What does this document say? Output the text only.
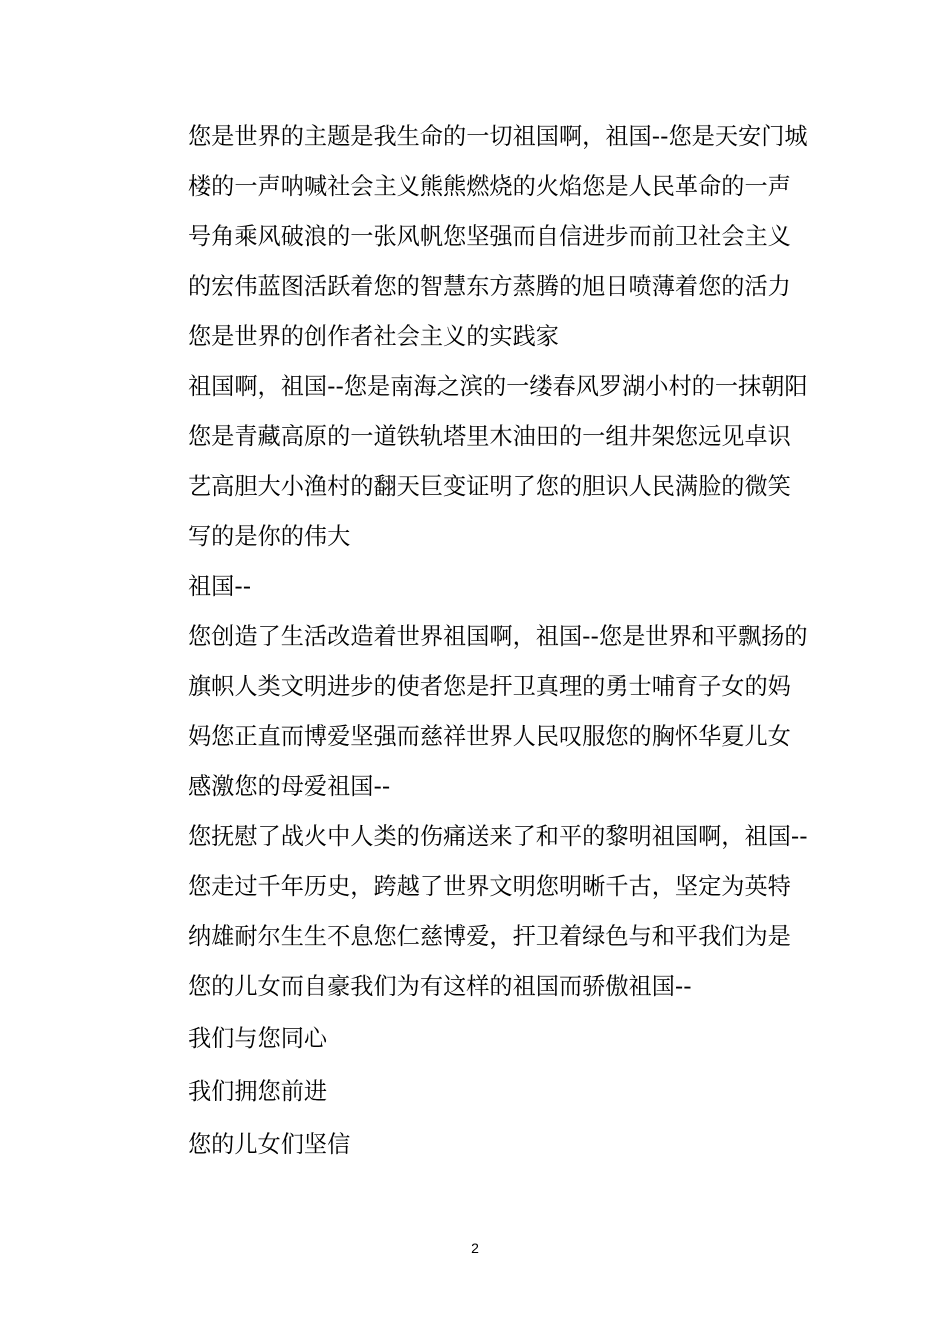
您是世界的主题是我生命的一切祖国啊，祖国--您是天安门城楼的一声呐喊社会主义熊熊燃烧的火焰您是人民革命的一声号角乘风破浪的一张风帆您坚强而自信进步而前卫社会主义的宏伟蓝图活跃着您的智慧东方蒸腾的旭日喷薄着您的活力您是世界的创作者社会主义的实践家

祖国啊，祖国--您是南海之滨的一缕春风罗湖小村的一抹朝阳您是青藏高原的一道铁轨塔里木油田的一组井架您远见卓识艺高胆大小渔村的翻天巨变证明了您的胆识人民满脸的微笑写的是你的伟大

祖国--

您创造了生活改造着世界祖国啊，祖国--您是世界和平飘扬的旗帜人类文明进步的使者您是扞卫真理的勇士哺育子女的妈妈您正直而博爱坚强而慈祥世界人民叹服您的胸怀华夏儿女感激您的母爱祖国--

您抚慰了战火中人类的伤痛送来了和平的黎明祖国啊，祖国--您走过千年历史，跨越了世界文明您明晰千古，坚定为英特纳雄耐尔生生不息您仁慈博爱，扞卫着绿色与和平我们为是您的儿女而自豪我们为有这样的祖国而骄傲祖国--

我们与您同心

我们拥您前进

您的儿女们坚信

2
